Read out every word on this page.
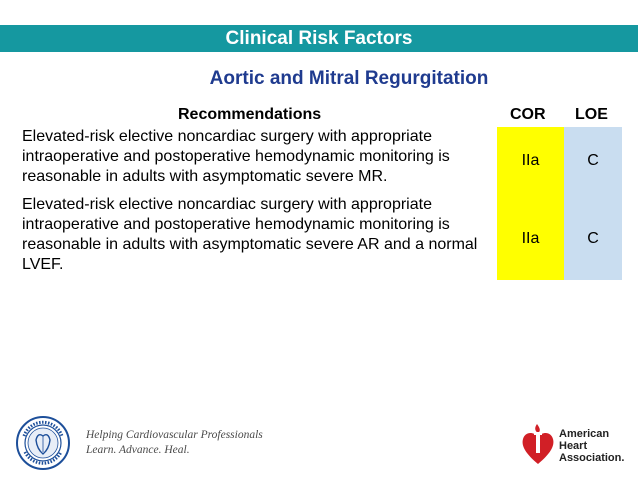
Clinical Risk Factors
Aortic and Mitral Regurgitation
Recommendations	COR LOE
Elevated-risk elective noncardiac surgery with appropriate intraoperative and postoperative hemodynamic monitoring is reasonable in adults with asymptomatic severe MR.
IIa	C
Elevated-risk elective noncardiac surgery with appropriate intraoperative and postoperative hemodynamic monitoring is reasonable in adults with asymptomatic severe AR and a normal LVEF.
IIa	C
Helping Cardiovascular Professionals
Learn. Advance. Heal.
American
Heart
Association.
